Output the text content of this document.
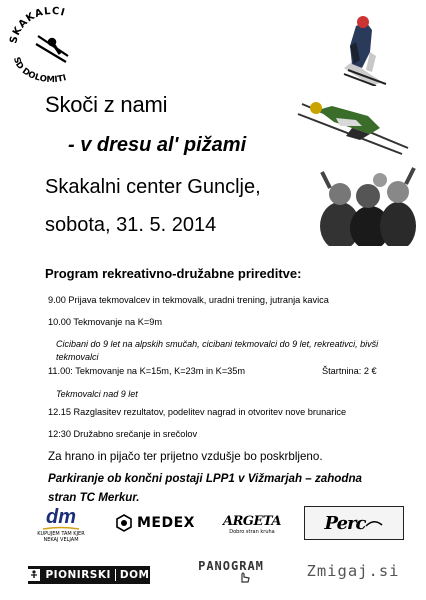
SKAKALCI
SD DOLOMITI
Skoči z nami
- v dresu al' pižami
Skakalni center Gunclje,
sobota, 31. 5. 2014
Program rekreativno-družabne prireditve:
9.00 Prijava tekmovalcev in tekmovalk, uradni trening, jutranja kavica
10.00 Tekmovanje na K=9m
Cicibani do 9 let na alpskih smučah, cicibani tekmovalci do 9 let, rekreativci, bivši tekmovalci
11.00: Tekmovanje na K=15m, K=23m in K=35m	Štartnina: 2 €
Tekmovalci nad 9 let
12.15 Razglasitev rezultatov, podelitev nagrad in otvoritev nove brunarice
12:30 Družabno srečanje in srečolov
Za hrano in pijačo ter prijetno vzdušje bo poskrbljeno.
Parkiranje ob končni postaji LPP1 v Vižmarjah – zahodna stran TC Merkur.
dm
KUPUJEM TAM KJER NEKAJ VELJAM
MEDEX ARGETA
Dobro stran kruha	Perc
PIONIRSKI DOM
PANOGRAM	Zmigaj.si
